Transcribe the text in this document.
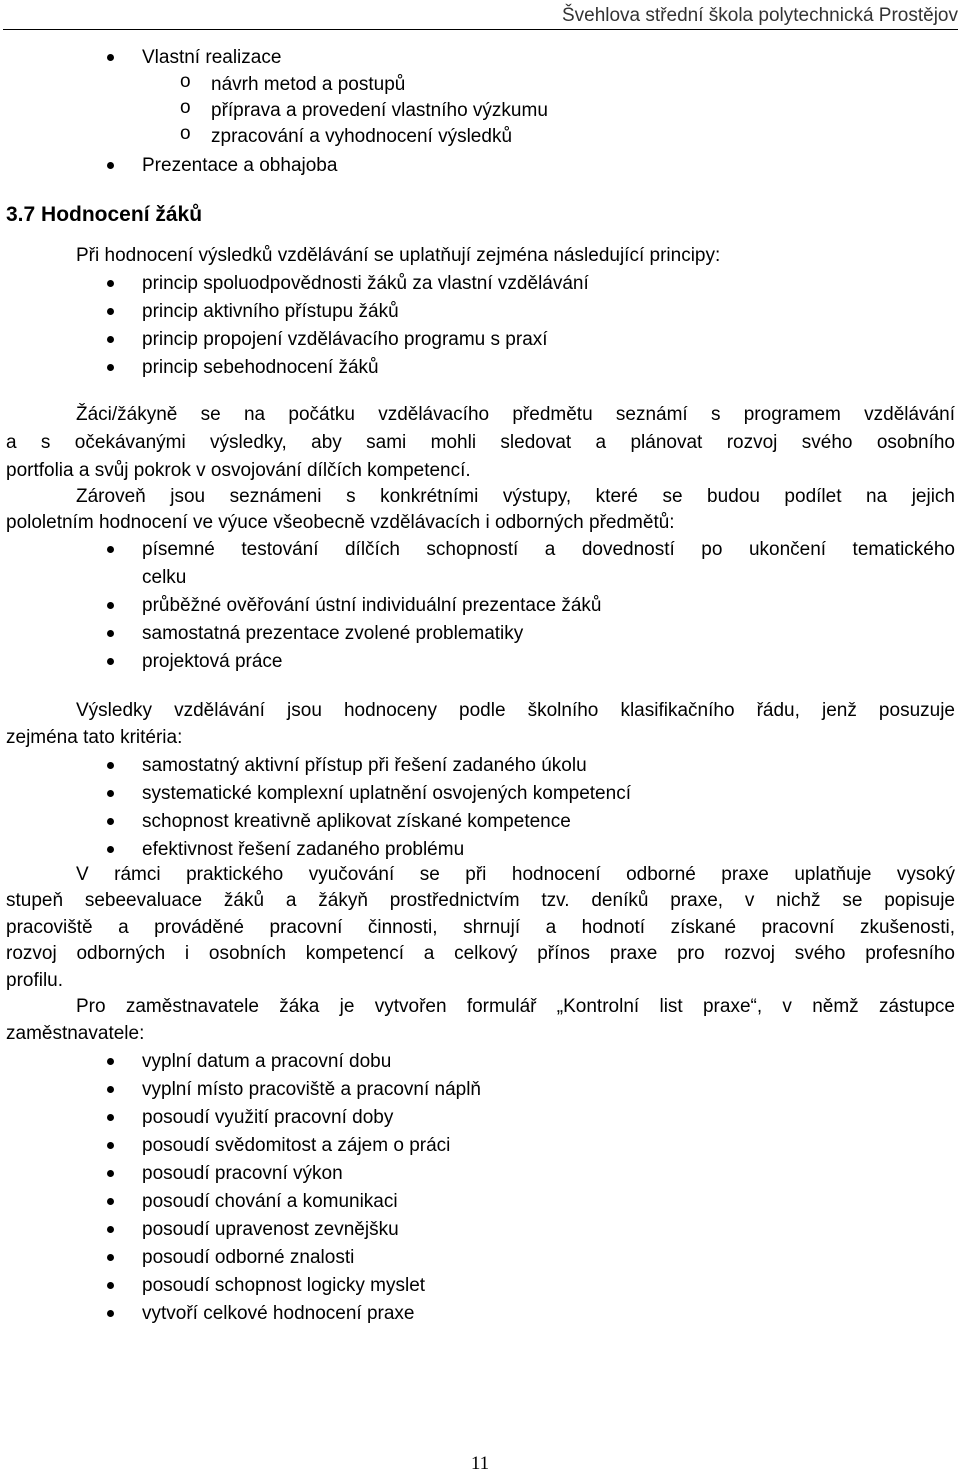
Švehlova střední škola polytechnická Prostějov
Vlastní realizace
o návrh metod a postupů
o příprava a provedení vlastního výzkumu
o zpracování a vyhodnocení výsledků
Prezentace a obhajoba
3.7 Hodnocení žáků
Při hodnocení výsledků vzdělávání se uplatňují zejména následující principy:
princip spoluodpovědnosti žáků za vlastní vzdělávání
princip aktivního přístupu žáků
princip propojení vzdělávacího programu s praxí
princip sebehodnocení žáků
Žáci/žákyně se na počátku vzdělávacího předmětu seznámí s programem vzdělávání
a s očekávanými výsledky, aby sami mohli sledovat a plánovat rozvoj svého osobního
portfolia a svůj pokrok v osvojování dílčích kompetencí.
Zároveň jsou seznámeni s konkrétními výstupy, které se budou podílet na jejich
pololetním hodnocení ve výuce všeobecně vzdělávacích i odborných předmětů:
písemné testování dílčích schopností a dovedností po ukončení tematického
celku
průběžné ověřování ústní individuální prezentace žáků
samostatná prezentace zvolené problematiky
projektová práce
Výsledky vzdělávání jsou hodnoceny podle školního klasifikačního řádu, jenž posuzuje
zejména tato kritéria:
samostatný aktivní přístup při řešení zadaného úkolu
systematické komplexní uplatnění osvojených kompetencí
schopnost kreativně aplikovat získané kompetence
efektivnost řešení zadaného problému
V rámci praktického vyučování se při hodnocení odborné praxe uplatňuje vysoký
stupeň sebeevaluace žáků a žákyň prostřednictvím tzv. deníků praxe, v nichž se popisuje
pracoviště a prováděné pracovní činnosti, shrnují a hodnotí získané pracovní zkušenosti,
rozvoj odborných i osobních kompetencí a celkový přínos praxe pro rozvoj svého profesního
profilu.
Pro zaměstnavatele žáka je vytvořen formulář „Kontrolní list praxe“, v němž zástupce
zaměstnavatele:
vyplní datum a pracovní dobu
vyplní místo pracoviště a pracovní náplň
posoudí využití pracovní doby
posoudí svědomitost a zájem o práci
posoudí pracovní výkon
posoudí chování a komunikaci
posoudí upravenost zevnějšku
posoudí odborné znalosti
posoudí schopnost logicky myslet
vytvoří celkové hodnocení praxe
11
